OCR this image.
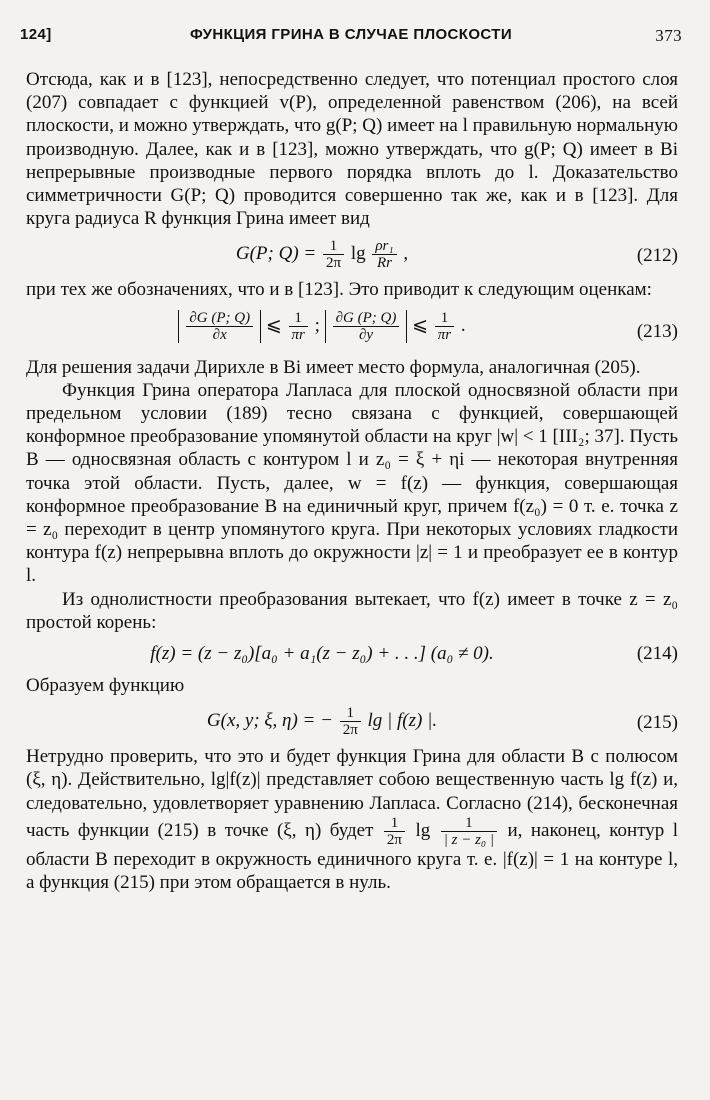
124]	ФУНКЦИЯ ГРИНА В СЛУЧАЕ ПЛОСКОСТИ	373

Отсюда, как и в [123], непосредственно следует, что потенциал простого слоя (207) совпадает с функцией v(P), определенной равенством (206), на всей плоскости, и можно утверждать, что g(P; Q) имеет на l правильную нормальную производную. Далее, как и в [123], можно утверждать, что g(P; Q) имеет в Bi непрерывные производные первого порядка вплоть до l. Доказательство симметричности G(P; Q) проводится совершенно так же, как и в [123]. Для круга радиуса R функция Грина имеет вид

G(P; $Q) = \frac{1}{2\pi}$ $\lg \frac{\text{ρr₁}}{Rr}$ ,	(212)

при тех же обозначениях, что и в [123]. Это приводит к следующим оценкам:

$\frac{\partial G (P; Q)}{\partial x}$ ⩽ $\frac{1}{\pi r}$ ; $\frac{\partial G (P; Q)}{\partial y}$ ⩽ $\frac{1}{\pi r}$ .	(213)

Для решения задачи Дирихле в Bi имеет место формула, аналогичная (205).

Функция Грина оператора Лапласа для плоской односвязной области при предельном условии (189) тесно связана с функцией, совершающей конформное преобразование упомянутой области на круг |w| < 1 [III₂; 37]. Пусть B — односвязная область с контуром l и z₀ = ξ + ηi — некоторая внутренняя точка этой области. Пусть, далее, w = f(z) — функция, совершающая конформное преобразование B на единичный круг, причем f(z₀) = 0 т. е. точка z = z₀ переходит в центр упомянутого круга. При некоторых условиях гладкости контура f(z) непрерывна вплоть до окружности |z| = 1 и преобразует ее в контур l.

Из однолистности преобразования вытекает, что f(z) имеет в точке z = z₀ простой корень:

f(z) = (z − z₀)[a₀ + a₁(z − z₀) + . . .] (a₀ ≠ 0).	(214)

Образуем функцию

G(x, y; ξ, η) = − $\frac{1}{2\pi}$ lg | f(z) |.	(215)

Нетрудно проверить, что это и будет функция Грина для области B с полюсом (ξ, η). Действительно, lg|f(z)| представляет собою вещественную часть lg f(z) и, следовательно, удовлетворяет уравнению Лапласа. Согласно (214), бесконечная часть функции (215) в точке (ξ, η) будет $\frac{1}{2\pi}$ $\lg \frac{1}{\text{| z − z₀ |}} и$, наконец, контур l области B переходит в окружность единичного круга т. е. |f(z)| = 1 на контуре l, а функция (215) при этом обращается в нуль.
